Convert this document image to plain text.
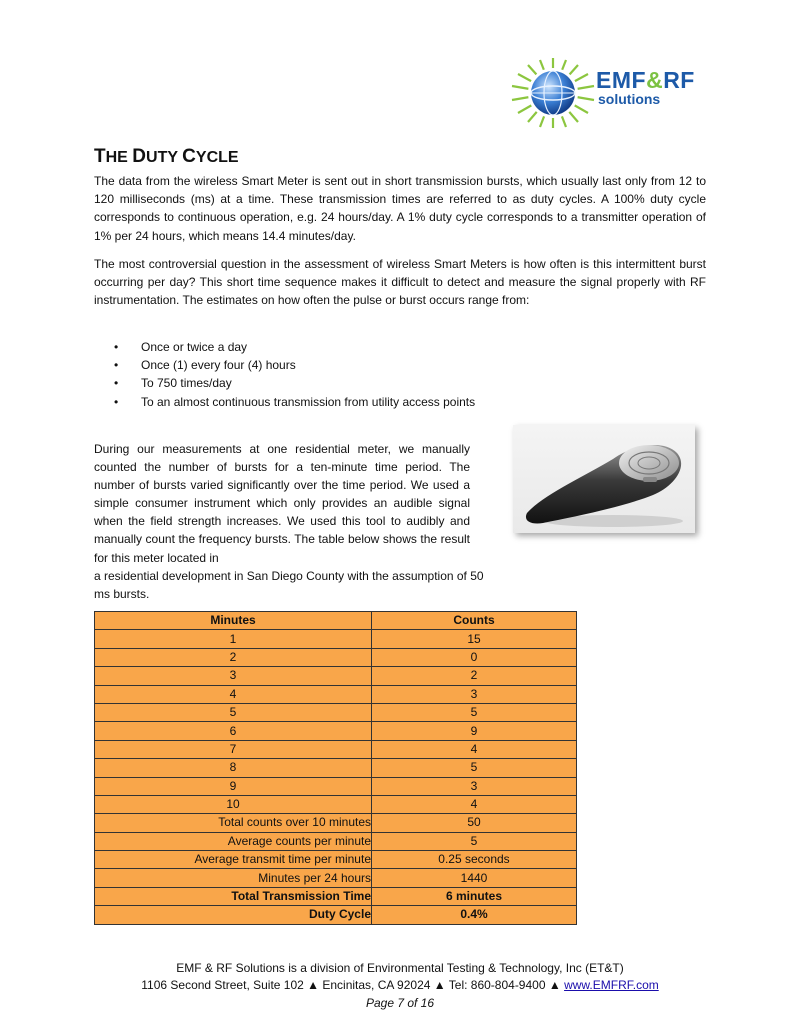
EMF&RF
solutions
THE DUTY CYCLE

The data from the wireless Smart Meter is sent out in short transmission bursts, which usually last only from 12 to 120 milliseconds (ms) at a time. These transmission times are referred to as duty cycles. A 100% duty cycle corresponds to continuous operation, e.g. 24 hours/day. A 1% duty cycle corresponds to a transmitter operation of 1% per 24 hours, which means 14.4 minutes/day.

The most controversial question in the assessment of wireless Smart Meters is how often is this intermittent burst occurring per day? This short time sequence makes it difficult to detect and measure the signal properly with RF instrumentation. The estimates on how often the pulse or burst occurs range from:

• Once or twice a day
• Once (1) every four (4) hours
• To 750 times/day
• To an almost continuous transmission from utility access points

During our measurements at one residential meter, we manually counted the number of bursts for a ten-minute time period. The number of bursts varied significantly over the time period. We used a simple consumer instrument which only provides an audible signal when the field strength increases. We used this tool to audibly and manually count the frequency bursts. The table below shows the result for this meter located in
a residential development in San Diego County with the assumption of 50 ms bursts.

Minutes	Counts
1	15
2	0
3	2
4	3
5	5
6	9
7	4
8	5
9	3
10	4
Total counts over 10 minutes	50
Average counts per minute	5
Average transmit time per minute	0.25 seconds
Minutes per 24 hours	1440
Total Transmission Time	6 minutes
Duty Cycle	0.4%
EMF & RF Solutions is a division of Environmental Testing & Technology, Inc (ET&T)
1106 Second Street, Suite 102 ▲ Encinitas, CA 92024 ▲ Tel: 860-804-9400 ▲ www.EMFRF.com
Page 7 of 16
